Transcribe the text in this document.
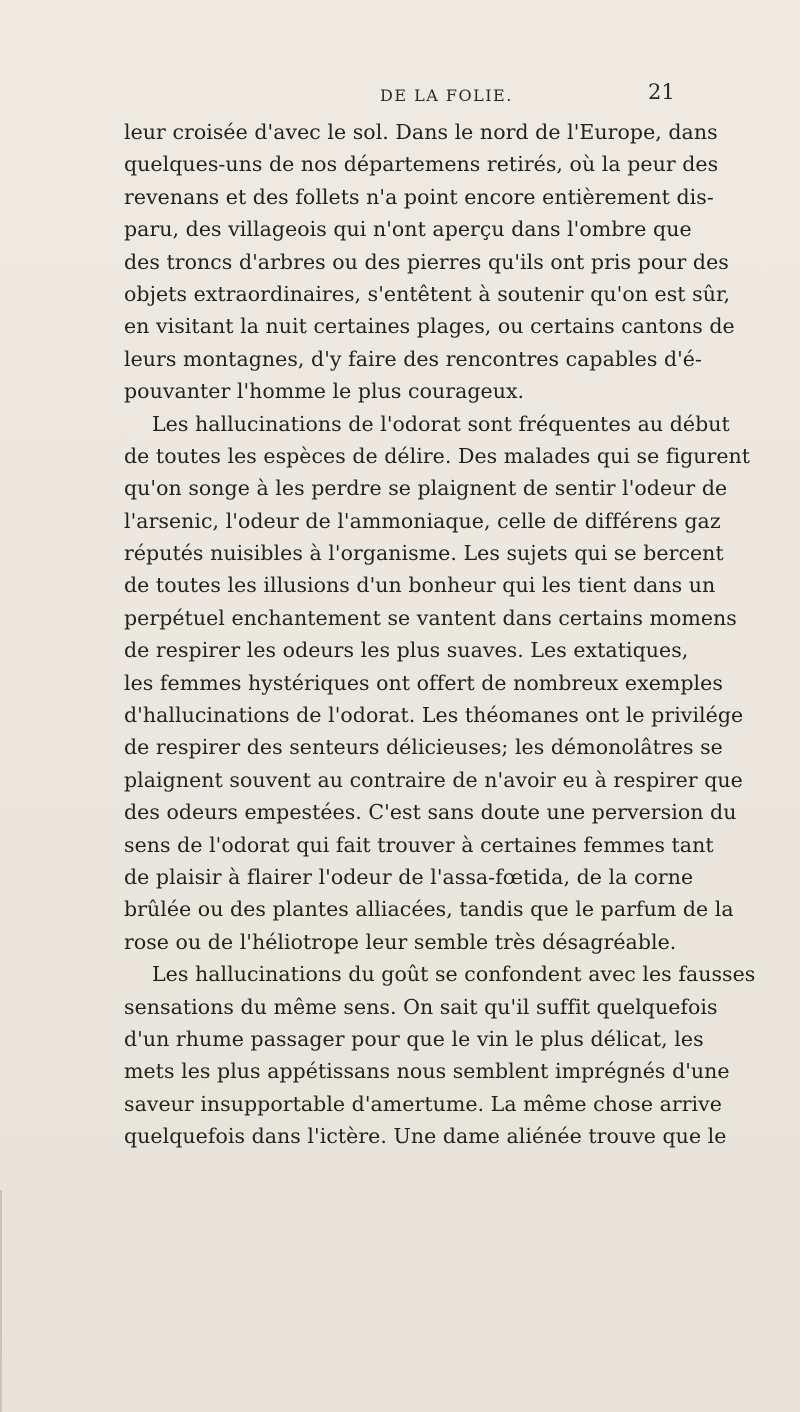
DE LA FOLIE.	21
leur croisée d'avec le sol. Dans le nord de l'Europe, dans
quelques-uns de nos départemens retirés, où la peur des
revenans et des follets n'a point encore entièrement dis-
paru, des villageois qui n'ont aperçu dans l'ombre que
des troncs d'arbres ou des pierres qu'ils ont pris pour des
objets extraordinaires, s'entêtent à soutenir qu'on est sûr,
en visitant la nuit certaines plages, ou certains cantons de
leurs montagnes, d'y faire des rencontres capables d'é-
pouvanter l'homme le plus courageux.
Les hallucinations de l'odorat sont fréquentes au début
de toutes les espèces de délire. Des malades qui se figurent
qu'on songe à les perdre se plaignent de sentir l'odeur de
l'arsenic, l'odeur de l'ammoniaque, celle de différens gaz
réputés nuisibles à l'organisme. Les sujets qui se bercent
de toutes les illusions d'un bonheur qui les tient dans un
perpétuel enchantement se vantent dans certains momens
de respirer les odeurs les plus suaves. Les extatiques,
les femmes hystériques ont offert de nombreux exemples
d'hallucinations de l'odorat. Les théomanes ont le privilége
de respirer des senteurs délicieuses; les démonolâtres se
plaignent souvent au contraire de n'avoir eu à respirer que
des odeurs empestées. C'est sans doute une perversion du
sens de l'odorat qui fait trouver à certaines femmes tant
de plaisir à flairer l'odeur de l'assa-fœtida, de la corne
brûlée ou des plantes alliacées, tandis que le parfum de la
rose ou de l'héliotrope leur semble très désagréable.
Les hallucinations du goût se confondent avec les fausses
sensations du même sens. On sait qu'il suffit quelquefois
d'un rhume passager pour que le vin le plus délicat, les
mets les plus appétissans nous semblent imprégnés d'une
saveur insupportable d'amertume. La même chose arrive
quelquefois dans l'ictère. Une dame aliénée trouve que le
